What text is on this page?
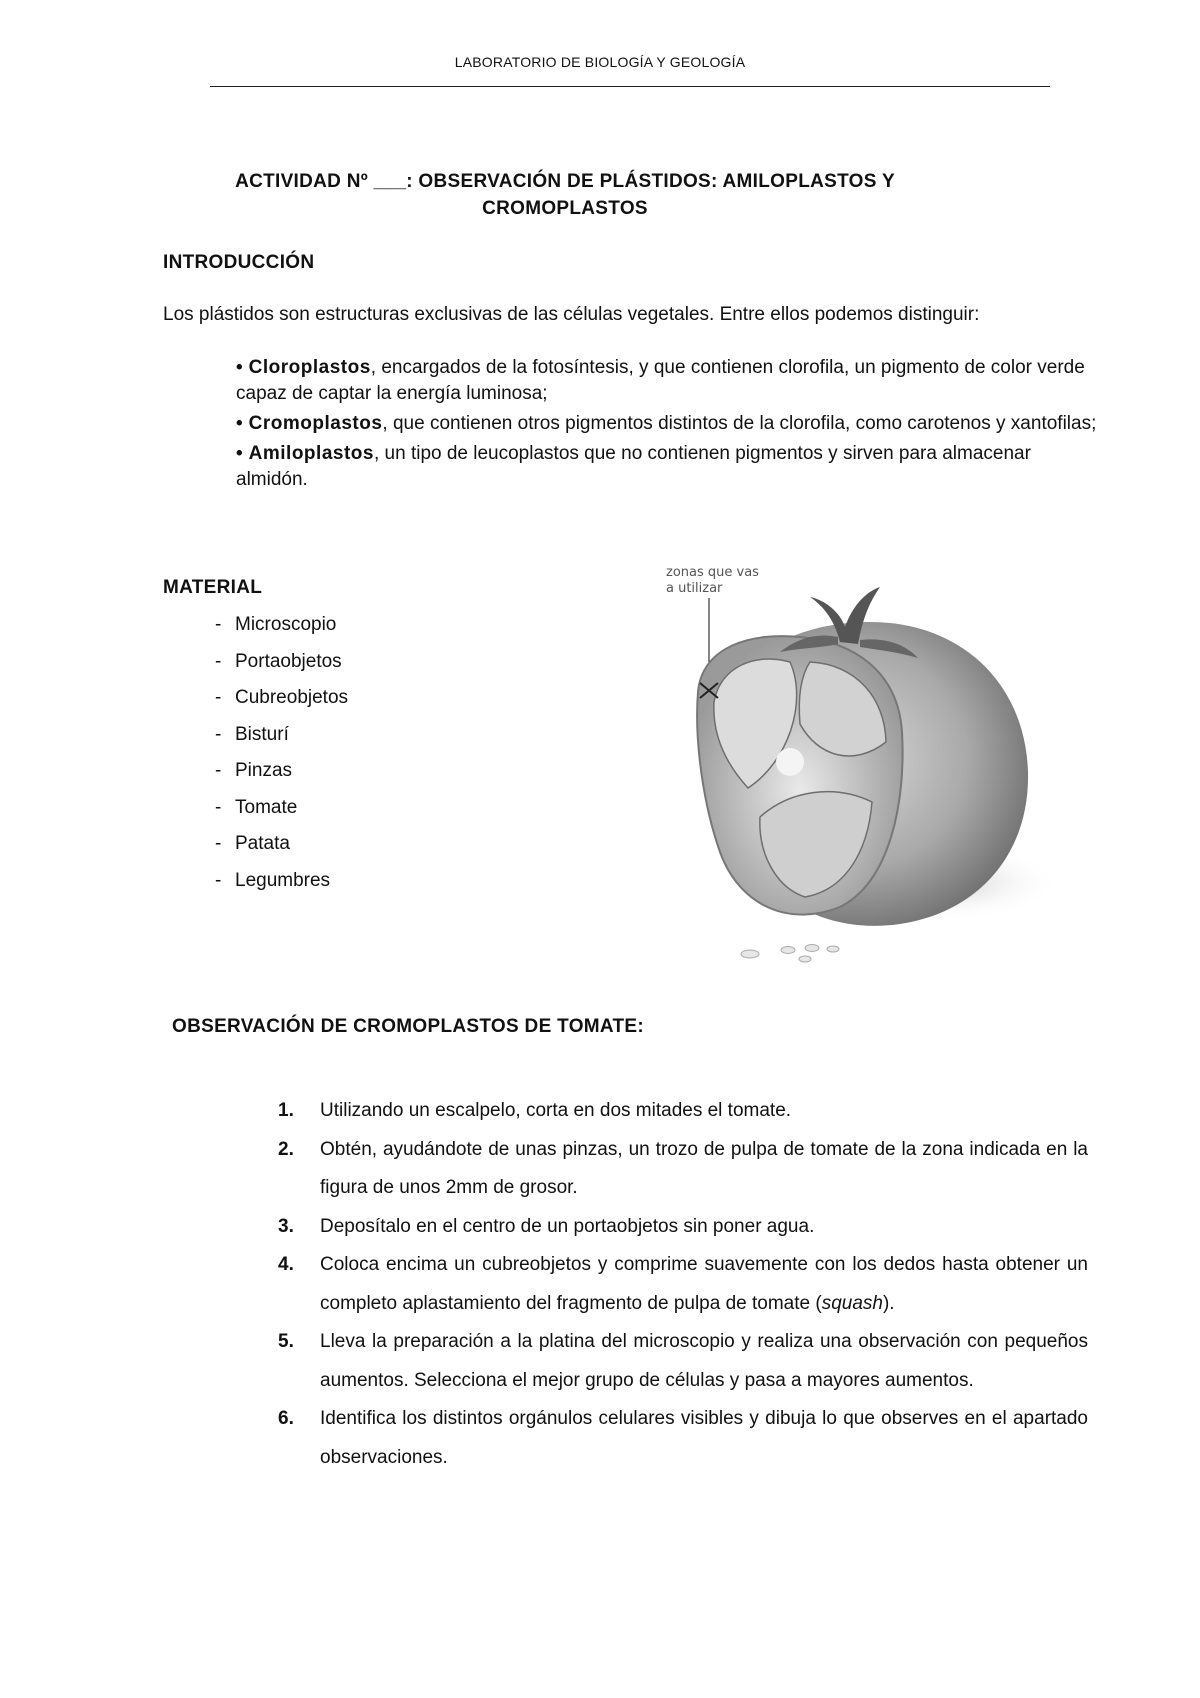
LABORATORIO DE BIOLOGÍA Y GEOLOGÍA
ACTIVIDAD Nº ___: OBSERVACIÓN DE PLÁSTIDOS: AMILOPLASTOS Y
CROMOPLASTOS
INTRODUCCIÓN
Los plástidos son estructuras exclusivas de las células vegetales. Entre ellos podemos distinguir:
• Cloroplastos, encargados de la fotosíntesis, y que contienen clorofila, un pigmento de color verde capaz de captar la energía luminosa;
• Cromoplastos, que contienen otros pigmentos distintos de la clorofila, como carotenos y xantofilas;
• Amiloplastos, un tipo de leucoplastos que no contienen pigmentos y sirven para almacenar almidón.
MATERIAL
- Microscopio
- Portaobjetos
- Cubreobjetos
- Bisturí
- Pinzas
- Tomate
- Patata
- Legumbres
zonas que vas
a utilizar
OBSERVACIÓN DE CROMOPLASTOS DE TOMATE:
1.	Utilizando un escalpelo, corta en dos mitades el tomate.
2.	Obtén, ayudándote de unas pinzas, un trozo de pulpa de tomate de la zona indicada en la figura de unos 2mm de grosor.
3.	Deposítalo en el centro de un portaobjetos sin poner agua.
4.	Coloca encima un cubreobjetos y comprime suavemente con los dedos hasta obtener un completo aplastamiento del fragmento de pulpa de tomate (squash).
5.	Lleva la preparación a la platina del microscopio y realiza una observación con pequeños aumentos. Selecciona el mejor grupo de células y pasa a mayores aumentos.
6.	Identifica los distintos orgánulos celulares visibles y dibuja lo que observes en el apartado observaciones.
